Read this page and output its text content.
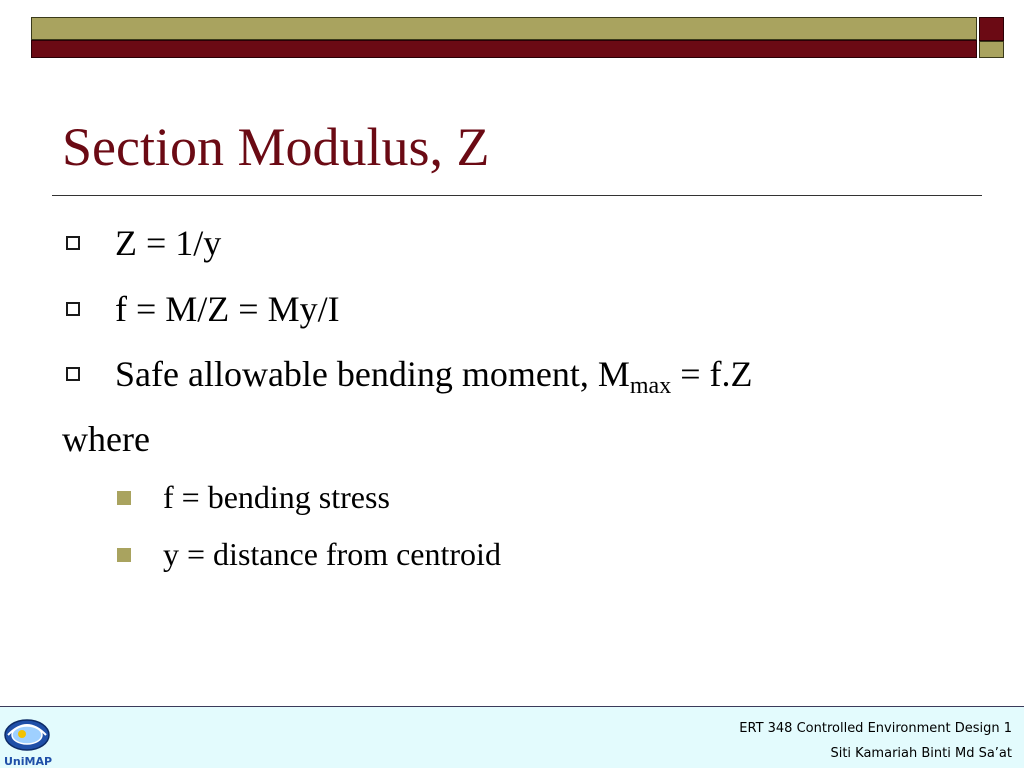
Section Modulus, Z
Z = 1/y
f = M/Z = My/I
Safe allowable bending moment, $M_{max} = f.Z$
where
f = bending stress
y = distance from centroid
UniMAP
ERT 348 Controlled Environment Design 1
Siti Kamariah Binti Md Sa’at
